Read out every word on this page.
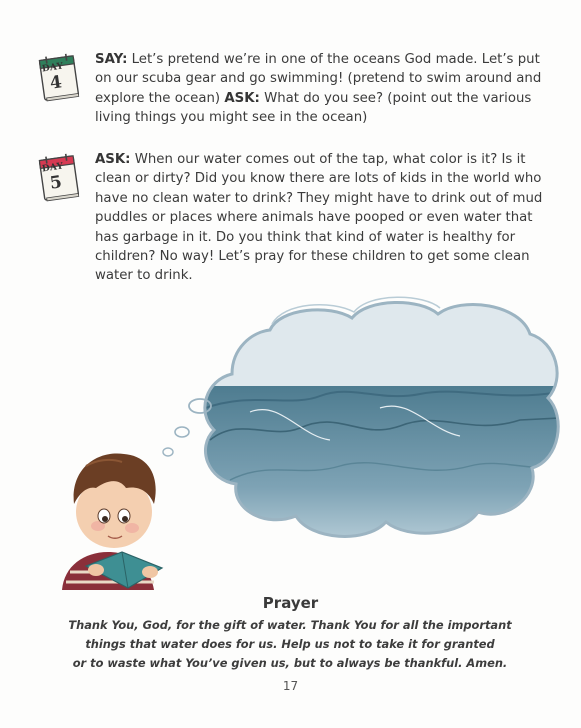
DAY
4
SAY: Let’s pretend we’re in one of the oceans God made. Let’s put on our scuba gear and go swimming! (pretend to swim around and explore the ocean) ASK: What do you see? (point out the various living things you might see in the ocean)
DAY
5
ASK: When our water comes out of the tap, what color is it? Is it clean or dirty? Did you know there are lots of kids in the world who have no clean water to drink? They might have to drink out of mud puddles or places where animals have pooped or even water that has garbage in it. Do you think that kind of water is healthy for children? No way! Let’s pray for these children to get some clean water to drink.
Prayer
Thank You, God, for the gift of water. Thank You for all the important
things that water does for us. Help us not to take it for granted
or to waste what You’ve given us, but to always be thankful. Amen.
17
